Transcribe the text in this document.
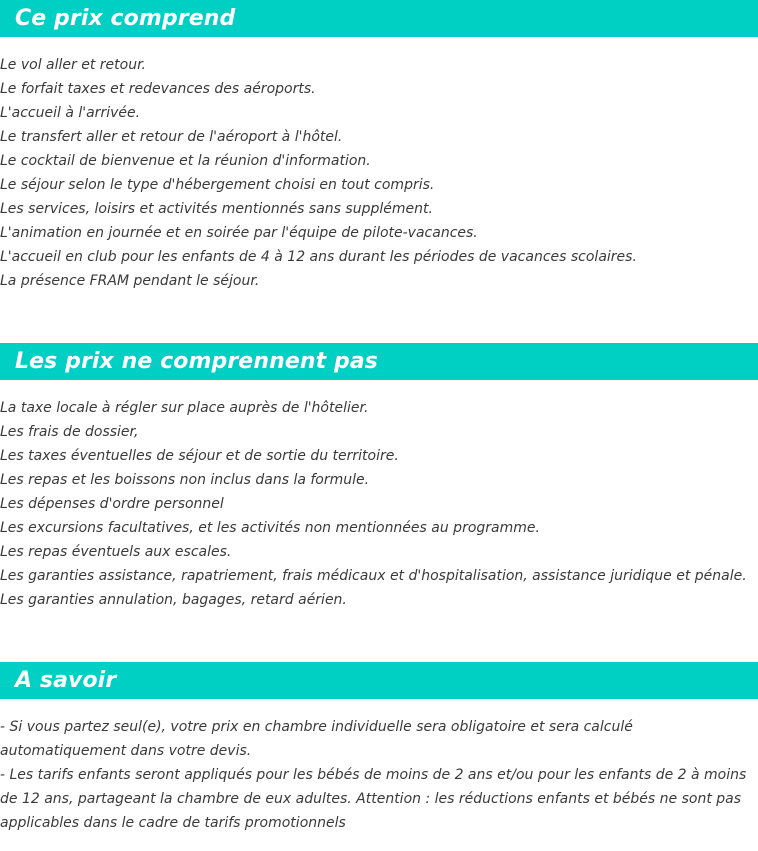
Ce prix comprend
Le vol aller et retour.
Le forfait taxes et redevances des aéroports.
L'accueil à l'arrivée.
Le transfert aller et retour de l'aéroport à l'hôtel.
Le cocktail de bienvenue et la réunion d'information.
Le séjour selon le type d'hébergement choisi en tout compris.
Les services, loisirs et activités mentionnés sans supplément.
L'animation en journée et en soirée par l'équipe de pilote-vacances.
L'accueil en club pour les enfants de 4 à 12 ans durant les périodes de vacances scolaires.
La présence FRAM pendant le séjour.
Les prix ne comprennent pas
La taxe locale à régler sur place auprès de l'hôtelier.
Les frais de dossier,
Les taxes éventuelles de séjour et de sortie du territoire.
Les repas et les boissons non inclus dans la formule.
Les dépenses d'ordre personnel
Les excursions facultatives, et les activités non mentionnées au programme.
Les repas éventuels aux escales.
Les garanties assistance, rapatriement, frais médicaux et d'hospitalisation, assistance juridique et pénale.
Les garanties annulation, bagages, retard aérien.
A savoir

- Si vous partez seul(e), votre prix en chambre individuelle sera obligatoire et sera calculé automatiquement dans votre devis.

- Les tarifs enfants seront appliqués pour les bébés de moins de 2 ans et/ou pour les enfants de 2 à moins de 12 ans, partageant la chambre de eux adultes. Attention : les réductions enfants et bébés ne sont pas applicables dans le cadre de tarifs promotionnels
